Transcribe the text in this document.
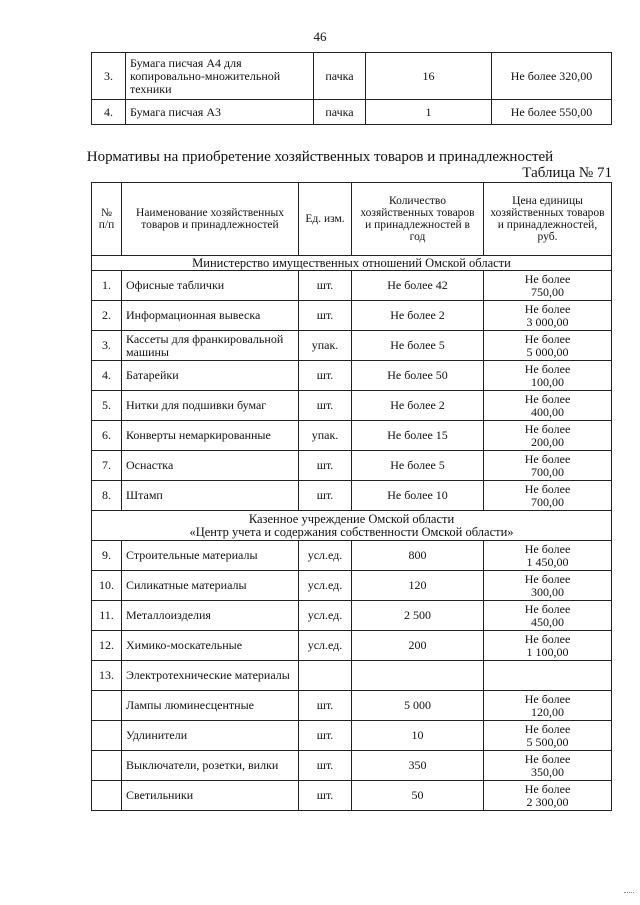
46
3.	Бумага писчая А4 для копировально-множительной техники	пачка	16	Не более 320,00
4.	Бумага писчая А3	пачка	1	Не более 550,00
Нормативы на приобретение хозяйственных товаров и принадлежностей
Таблица № 71
№ п/п	Наименование хозяйственных товаров и принадлежностей	Ед. изм.	Количество хозяйственных товаров и принадлежностей в год	Цена единицы хозяйственных товаров и принадлежностей, руб.
Министерство имущественных отношений Омской области				
1.	Офисные таблички	шт.	Не более 42	Не более
750,00
2.	Информационная вывеска	шт.	Не более 2	Не более
3 000,00
3.	Кассеты для франкировальной машины	упак.	Не более 5	Не более
5 000,00
4.	Батарейки	шт.	Не более 50	Не более
100,00
5.	Нитки для подшивки бумаг	шт.	Не более 2	Не более
400,00
6.	Конверты немаркированные	упак.	Не более 15	Не более
200,00
7.	Оснастка	шт.	Не более 5	Не более
700,00
8.	Штамп	шт.	Не более 10	Не более
700,00
Казенное учреждение Омской области
«Центр учета и содержания собственности Омской области»				
9.	Строительные материалы	усл.ед.	800	Не более
1 450,00
10.	Силикатные материалы	усл.ед.	120	Не более
300,00
11.	Металлоизделия	усл.ед.	2 500	Не более
450,00
12.	Химико-москательные	усл.ед.	200	Не более
1 100,00
13.	Электротехнические материалы			

	Лампы люминесцентные	шт.	5 000	Не более
120,00
	Удлинители	шт.	10	Не более
5 500,00
	Выключатели, розетки, вилки	шт.	350	Не более
350,00
	Светильники	шт.	50	Не более
2 300,00
